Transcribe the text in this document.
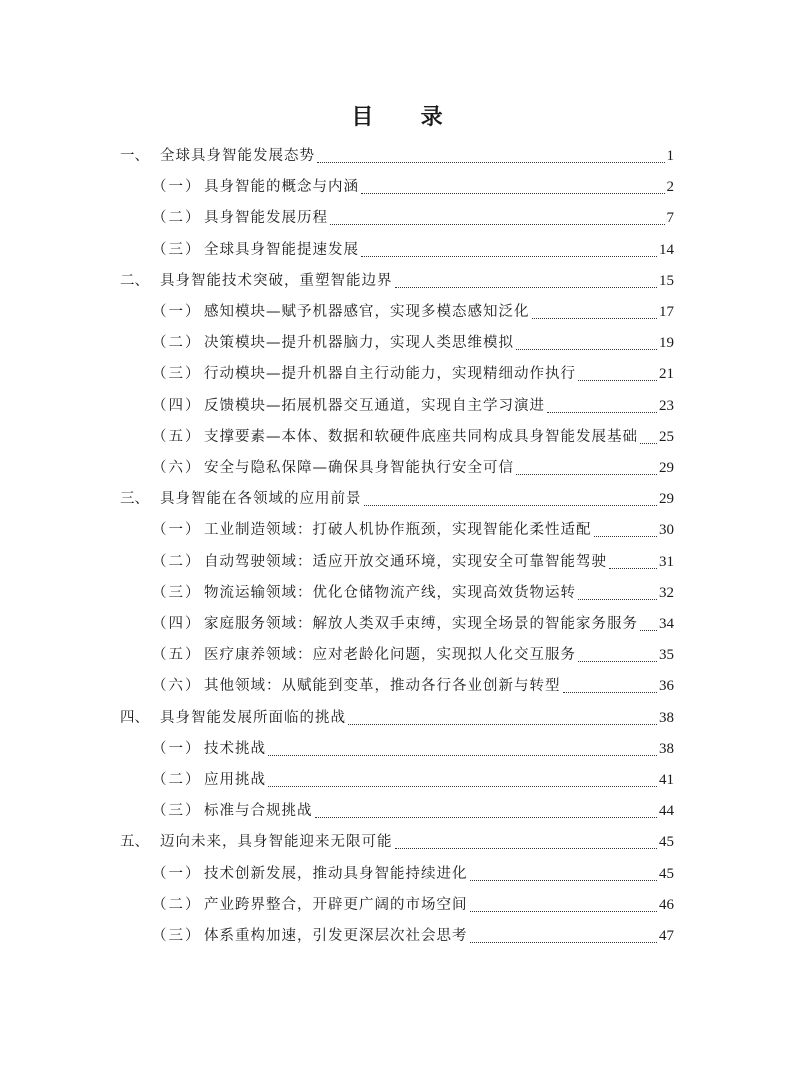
目 录
一、 全球具身智能发展态势	1
（一） 具身智能的概念与内涵	2
（二） 具身智能发展历程	7
（三） 全球具身智能提速发展	14
二、 具身智能技术突破，重塑智能边界	15
（一） 感知模块—赋予机器感官，实现多模态感知泛化	17
（二） 决策模块—提升机器脑力，实现人类思维模拟	19
（三） 行动模块—提升机器自主行动能力，实现精细动作执行	21
（四） 反馈模块—拓展机器交互通道，实现自主学习演进	23
（五） 支撑要素—本体、数据和软硬件底座共同构成具身智能发展基础 25
（六） 安全与隐私保障—确保具身智能执行安全可信	29
三、 具身智能在各领域的应用前景	29
（一） 工业制造领域：打破人机协作瓶颈，实现智能化柔性适配	30
（二） 自动驾驶领域：适应开放交通环境，实现安全可靠智能驾驶	31
（三） 物流运输领域：优化仓储物流产线，实现高效货物运转	32
（四） 家庭服务领域：解放人类双手束缚，实现全场景的智能家务服务 34
（五） 医疗康养领域：应对老龄化问题，实现拟人化交互服务	35
（六） 其他领域：从赋能到变革，推动各行各业创新与转型	36
四、 具身智能发展所面临的挑战	38
（一） 技术挑战	38
（二） 应用挑战	41
（三） 标准与合规挑战	44
五、 迈向未来，具身智能迎来无限可能	45
（一） 技术创新发展，推动具身智能持续进化	45
（二） 产业跨界整合，开辟更广阔的市场空间	46
（三） 体系重构加速，引发更深层次社会思考	47
